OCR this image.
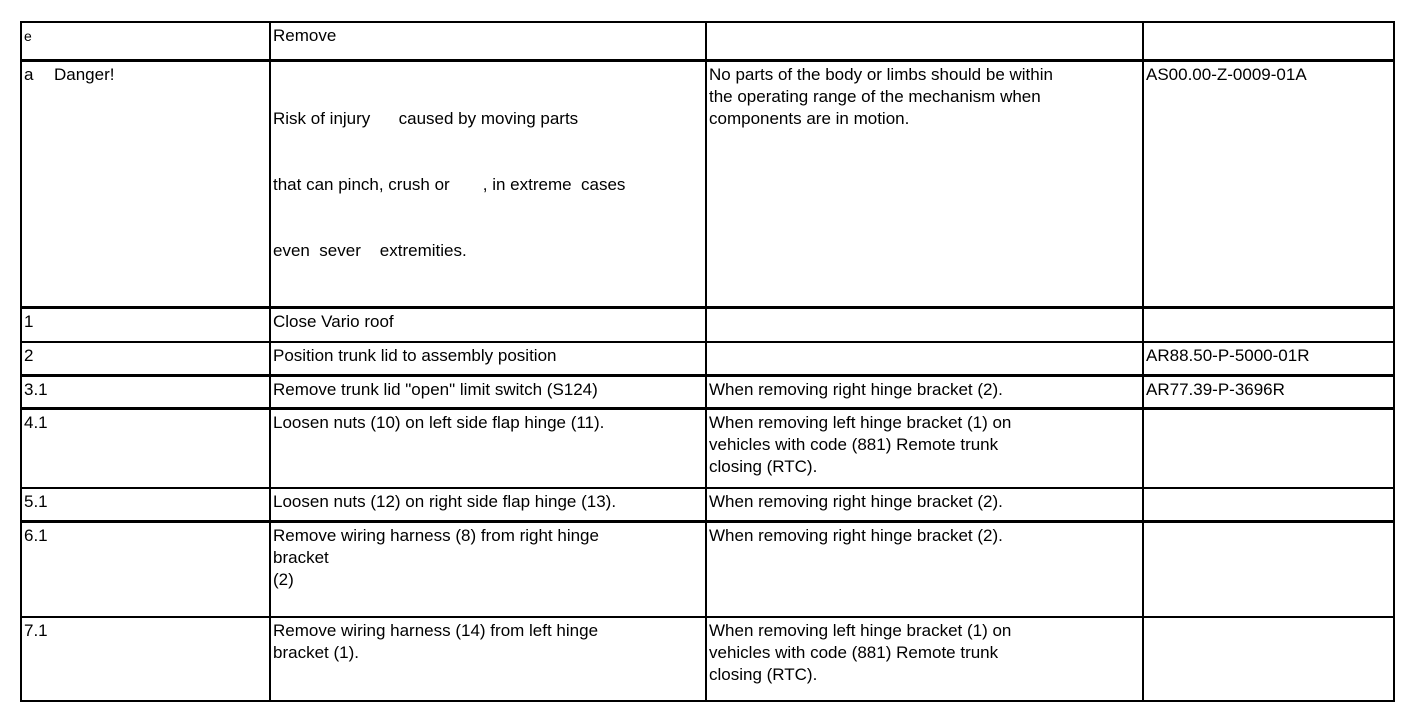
e	Remove		
a Danger!	Risk of injury      caused by moving parts

that can pinch, crush or       , in extreme  cases

even  sever    extremities.	No parts of the body or limbs should be within
the operating range of the mechanism when
components are in motion.	AS00.00-Z-0009-01A
1	Close Vario roof		
2	Position trunk lid to assembly position		AR88.50-P-5000-01R
3.1	Remove trunk lid "open" limit switch (S124)	When removing right hinge bracket (2).	AR77.39-P-3696R
4.1	Loosen nuts (10) on left side flap hinge (11).	When removing left hinge bracket (1) on
vehicles with code (881) Remote trunk
closing (RTC).	

5.1	Loosen nuts (12) on right side flap hinge (13).	When removing right hinge bracket (2).	
6.1	Remove wiring harness (8) from right hinge
bracket
(2)	When removing right hinge bracket (2).	
7.1	Remove wiring harness (14) from left hinge
bracket (1).	When removing left hinge bracket (1) on
vehicles with code (881) Remote trunk
closing (RTC).	
